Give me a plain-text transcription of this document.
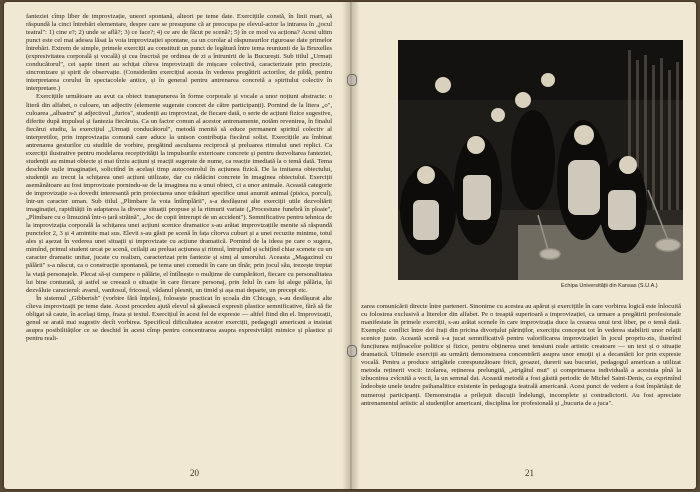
fanteziei cîmp liber de improvizație, uneori spontană, alteori pe teme date. Exercițiile constă, în linii mari, să răspundă la cinci întrebări elementare, despre care se presupune că ar preocupa pe elevul-actor la intrarea în „jocul teatral": 1) cine e?; 2) unde se află?; 3) ce face?; 4) ce are de făcut pe scenă?; 5) în ce mod va acționa? Acest ultim punct este cel mai adesea lăsat la voia improvizației spontane, ca un corolar al răspunsurilor riguroase date primelor întrebări. Extrem de simple, primele exerciții au constituit un punct de legătură între tema reuniunii de la Bruxelles (expresivitatea corporală și vocală) și cea înscrisă pe ordinea de zi a întrunirii de la București. Sub titlul „Urmați conducătorul", cei șapte tineri au schițat cîteva improvizații de mișcare colectivă, caracterizate prin precizie, sincronizare și spirit de observație. (Considerăm exercițiul acesta în vederea pregătirii actorilor, de pildă, pentru interpretarea corului în spectacolele antice, și în general pentru antrenarea concretă a spiritului colectiv în interpretare.)

Exercițiile următoare au avut ca obiect transpunerea în forme corporale și vocale a unor noțiuni abstracte: o literă din alfabet, o culoare, un adjectiv (elemente sugerate concret de către participanți). Pornind de la litera „o", culoarea „albastru" și adjectivul „furios", studenții au improvizat, de fiecare dată, o serie de acțiuni fizice sugestive, diferite după impulsul și fantezia fiecăruia. Ca un factor comun al acestor antrenamente, notăm revenirea, în finalul fiecărui studiu, la exercițiul „Urmați conducătorul", metodă menită să educe permanent spiritul colectiv al interpretilor, prin improvizația comună care aduce la unison contribuția fiecărui solist. Exercițiile au îmbinat antrenarea gesturilor cu studiile de vorbire, pregătind ascultarea reciprocă și preluarea ritmului unei replici. Ca exerciții ilustrative pentru modelarea receptivității la impulsurile exterioare concrete și pentru dezvoltarea fanteziei, studenții au mimat obiecte și mai tîrziu acțiuni și reacții sugerate de nume, ca reacție imediată la o temă dată. Tema deschide ușile imaginației, solicitînd în același timp autocontrolul în acțiunea fizică. De la imitarea obiectului, studenții au trecut la schițarea unei acțiuni utilizate, dar cu rădăcini concrete în imaginea obiectului. Exerciții asemănătoare au fost improvizate pornindu-se de la imaginea nu a unui obiect, ci a unor animale. Această categorie de improvizație s-a dovedit interesantă prin proiectarea unor trăsături specifice unui anumit animal (pisica, porcul), într-un caracter uman. Sub titlul „Plimbare la voia întîmplării", s-a desfășurat alte exerciții utile dezvoltării imaginației, rapidității în adaptarea la diverse situații propuse și la ritmurii variate („Procesiune funebră în ploaie", „Plimbare cu o limuzină într-o țară străină", „Joc de copii întrerupt de un accident"). Semnificative pentru tehnica de la improvizația corporală la schițarea unei acțiuni scenice dramatice s-au arătat improvizațiile menite să răspundă punctelor 2, 3 și 4 amintite mai sus. Elevii s-au găsit pe scenă în fața cîtorva cuburi și a unei recuzite minime, totul ales și așezat în vederea unei situații și improvizate cu acțiune dramatică. Pornind de la ideea pe care o sugera, mimînd, primul student urcat pe scenă, ceilalți au preluat acțiunea și ritmul, întrupînd și schițînd chiar scenete cu un caracter dramatic unitar, jucate cu realism, caracterizat prin fantezie și simț al umorului. Aceasta „Magazinul cu pălării" s-a născut, ca o construcție spontaneă, pe tema unei comedii în care un tînăr, prin jocul său, trezește treptat la viață personajele. Plecat să-și cumpere o pălărie, el întîlnește o mulțime de cumpărători, fiecare cu personalitatea lui bine conturată, și astfel se creează o situație în care fiecare personaj, prin felul în care își alege pălăria, își dezvăluie caracterul: avarul, vanitosul, fricosul, vădanul plesnit, un timid și așa mai departe, un precept etc.

În sistemul „Gibberish" (vorbire fără înțeles), folosește practicat în școala din Chicago, s-au desfășurat alte cîteva improvizații pe teme date. Acest procedeu ajută elevul să găsească expresii plastice semnificative, fără să fie obligat să caute, în același timp, fraza și textul. Exercițiul în acest fel de expresie — altfel fiind din el. Improvizații, genul se arată mai sugestiv decît vorbirea. Specificul dificultatea acestor exerciții, pedagogii americani a insistat asupra posibilităților ce se deschid în acest cîmp pentru concentrarea asupra expresivității mimice și plastice și pentru reali-

20
Echipa Universității din Kansas (S.U.A.)

zarea comunicării directe între parteneri. Sinonime cu acestea au apărut și exercițiile în care vorbirea logică este înlocuită cu folosirea exclusivă a literelor din alfabet. Pe o treaptă superioară a improvizației, ca urmare a pregătirii profesionale manifestate în primele exerciții, s-au arătat scenele în care improvizația duce la crearea unui text liber, pe o temă dată. Exemplu: conflict între doi frați din pricina divorțului părinților, exercițiu conceput tot în vederea stabilirii unor relații scenice juste. Această scenă s-a jucat semnificativă pentru valorificarea improvizației în jocul propriu-zis, ilustrînd funcțiunea mijloacelor politice și fizice, pentru obținerea unei tensiuni reale artistic creatoare — un text și o situație dramatică. Ultimele exerciții au urmărit demonstrarea concentrării asupra unor emoții și a decantării lor prin expresie vocală. Pentru a produce strigătele corespunzătoare fricii, groazei, durerii sau bucuriei, pedagogul american a utilizat metoda reținerii vocii: izolarea, reținerea prelungită, „strigătul mut" și comprimarea individuală a acestuia pînă la izbucnirea zvîcnită a vocii, la un semnal dat. Această metodă a fost găsită periodic de Michel Saint-Denis, ca exprimînd îndeobște unele teudre psihanalitice existente în pedagogia teatrală americană. Acest punct de vedere a fost împărtășit de numeroși participanți. Demonstrația a prilejuit discuții îndelungi, incomplete și contradictorii. Au fost apreciate antrenamentul artistic al studenților americani, disciplina lor profesională și „bucuria de a juca".

21
